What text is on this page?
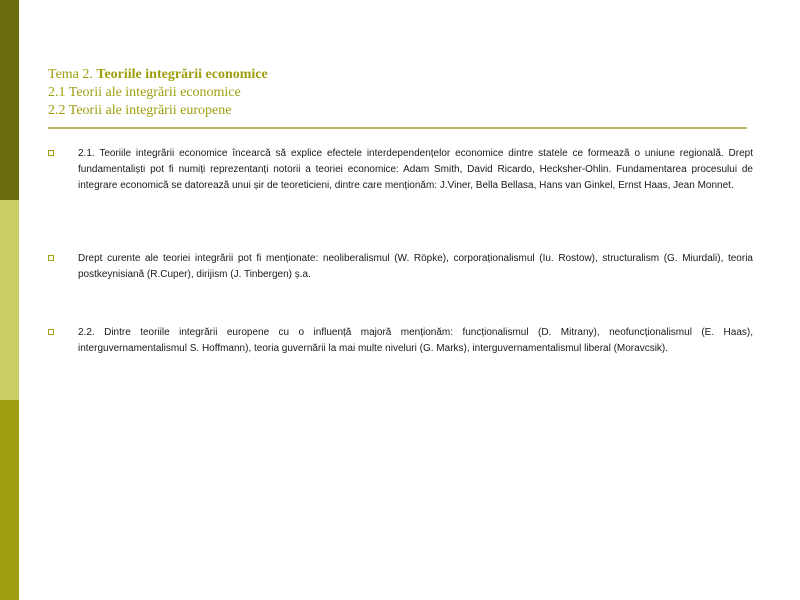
Tema 2. Teoriile integrării economice
2.1 Teorii ale integrării economice
2.2 Teorii ale integrării europene
2.1. Teoriile integrării economice încearcă să explice efectele interdependențelor economice dintre statele ce formează o uniune regională. Drept fundamentaliști pot fi numiți reprezentanți notorii a teoriei economice: Adam Smith, David Ricardo, Hecksher-Ohlin. Fundamentarea procesului de integrare economică se datorează unui șir de teoreticieni, dintre care menționăm: J.Viner, Bella Bellasa, Hans van Ginkel, Ernst Haas, Jean Monnet.
Drept curente ale teoriei integrării pot fi menționate: neoliberalismul (W. Röpke), corporaționalismul (Iu. Rostow), structuralism (G. Miurdali), teoria postkeynisiană (R.Cuper), dirijism (J. Tinbergen) ș.a.
2.2. Dintre teoriile integrării europene cu o influență majoră menționăm: funcționalismul (D. Mitrany), neofuncționalismul (E. Haas), interguvernamentalismul S. Hoffmann), teoria guvernării la mai multe niveluri (G. Marks), interguvernamentalismul liberal (Moravcsik).
